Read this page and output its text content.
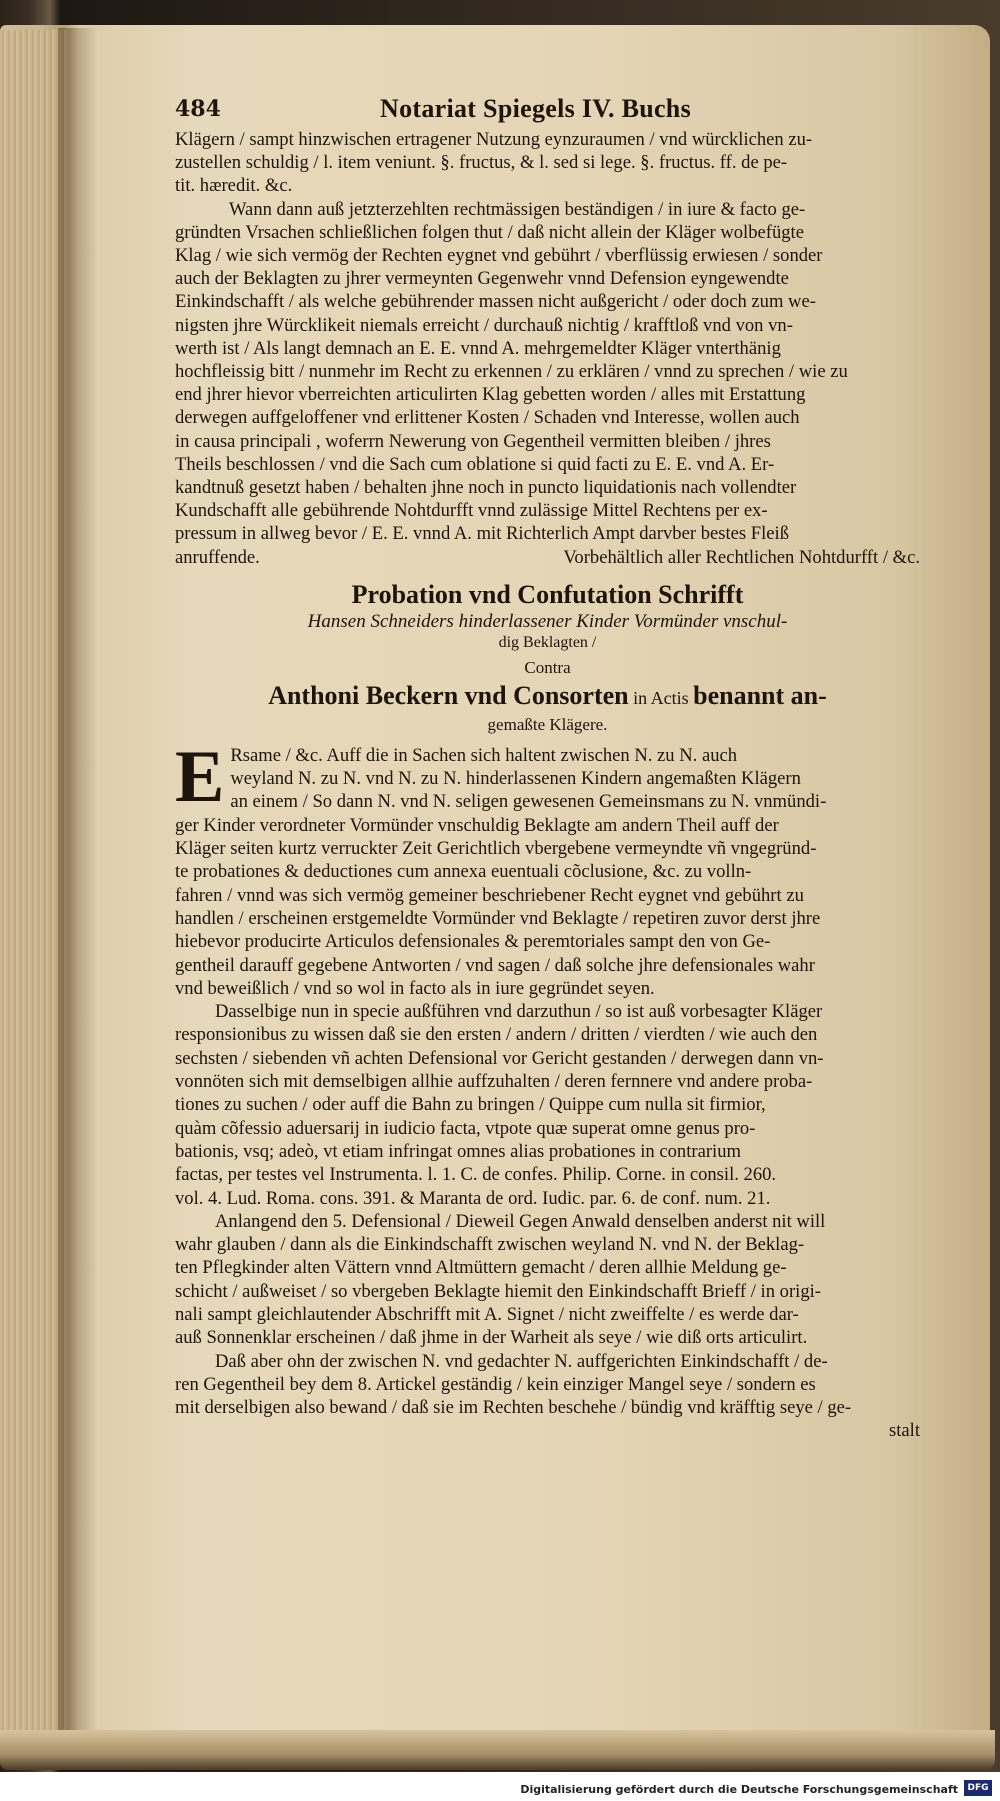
484	Notariat Spiegels IV. Buchs

Klägern / sampt hinzwischen ertragener Nutzung eynzuraumen / vnd würcklichen zu-

zustellen schuldig / l. item veniunt. §. fructus, & l. sed si lege. §. fructus. ff. de pe-

tit. hæredit. &c.

Wann dann auß jetzterzehlten rechtmässigen beständigen / in iure & facto ge-

gründten Vrsachen schließlichen folgen thut / daß nicht allein der Kläger wolbefügte

Klag / wie sich vermög der Rechten eygnet vnd gebührt / vberflüssig erwiesen / sonder

auch der Beklagten zu jhrer vermeynten Gegenwehr vnnd Defension eyngewendte

Einkindschafft / als welche gebührender massen nicht außgericht / oder doch zum we-

nigsten jhre Würcklikeit niemals erreicht / durchauß nichtig / krafftloß vnd von vn-

werth ist / Als langt demnach an E. E. vnnd A. mehrgemeldter Kläger vnterthänig

hochfleissig bitt / nunmehr im Recht zu erkennen / zu erklären / vnnd zu sprechen / wie zu

end jhrer hievor vberreichten articulirten Klag gebetten worden / alles mit Erstattung

derwegen auffgeloffener vnd erlittener Kosten / Schaden vnd Interesse, wollen auch

in causa principali , woferrn Newerung von Gegentheil vermitten bleiben / jhres

Theils beschlossen / vnd die Sach cum oblatione si quid facti zu E. E. vnd A. Er-

kandtnuß gesetzt haben / behalten jhne noch in puncto liquidationis nach vollendter

Kundschafft alle gebührende Nohtdurfft vnnd zulässige Mittel Rechtens per ex-

pressum in allweg bevor / E. E. vnnd A. mit Richterlich Ampt darvber bestes Fleiß

anruffende.	Vorbehältlich aller Rechtlichen Nohtdurfft / &c.
Probation vnd Confutation Schrifft
Hansen Schneiders hinderlassener Kinder Vormünder vnschul-
dig Beklagten /
Contra
Anthoni Beckern vnd Consorten in Actis benannt an-
gemaßte Klägere.
E Rsame / &c. Auff die in Sachen sich haltent zwischen N. zu N. auch

weyland N. zu N. vnd N. zu N. hinderlassenen Kindern angemaßten Klägern

an einem / So dann N. vnd N. seligen gewesenen Gemeinsmans zu N. vnmündi-

ger Kinder verordneter Vormünder vnschuldig Beklagte am andern Theil auff der

Kläger seiten kurtz verruckter Zeit Gerichtlich vbergebene vermeyndte vñ vngegründ-

te probationes & deductiones cum annexa euentuali cõclusione, &c. zu volln-

fahren / vnnd was sich vermög gemeiner beschriebener Recht eygnet vnd gebührt zu

handlen / erscheinen erstgemeldte Vormünder vnd Beklagte / repetiren zuvor derst jhre

hiebevor producirte Articulos defensionales & peremtoriales sampt den von Ge-

gentheil darauff gegebene Antworten / vnd sagen / daß solche jhre defensionales wahr

vnd beweißlich / vnd so wol in facto als in iure gegründet seyen.

Dasselbige nun in specie außführen vnd darzuthun / so ist auß vorbesagter Kläger

responsionibus zu wissen daß sie den ersten / andern / dritten / vierdten / wie auch den

sechsten / siebenden vñ achten Defensional vor Gericht gestanden / derwegen dann vn-

vonnöten sich mit demselbigen allhie auffzuhalten / deren fernnere vnd andere proba-

tiones zu suchen / oder auff die Bahn zu bringen / Quippe cum nulla sit firmior,

quàm cõfessio aduersarij in iudicio facta, vtpote quæ superat omne genus pro-

bationis, vsq; adeò, vt etiam infringat omnes alias probationes in contrarium

factas, per testes vel Instrumenta. l. 1. C. de confes. Philip. Corne. in consil. 260.

vol. 4. Lud. Roma. cons. 391. & Maranta de ord. Iudic. par. 6. de conf. num. 21.

Anlangend den 5. Defensional / Dieweil Gegen Anwald denselben anderst nit will

wahr glauben / dann als die Einkindschafft zwischen weyland N. vnd N. der Beklag-

ten Pflegkinder alten Vättern vnnd Altmüttern gemacht / deren allhie Meldung ge-

schicht / außweiset / so vbergeben Beklagte hiemit den Einkindschafft Brieff / in origi-

nali sampt gleichlautender Abschrifft mit A. Signet / nicht zweiffelte / es werde dar-

auß Sonnenklar erscheinen / daß jhme in der Warheit als seye / wie diß orts articulirt.

Daß aber ohn der zwischen N. vnd gedachter N. auffgerichten Einkindschafft / de-

ren Gegentheil bey dem 8. Artickel geständig / kein einziger Mangel seye / sondern es

mit derselbigen also bewand / daß sie im Rechten beschehe / bündig vnd kräfftig seye / ge-

stalt

Digitalisierung gefördert durch die Deutsche Forschungsgemeinschaft	DFG
